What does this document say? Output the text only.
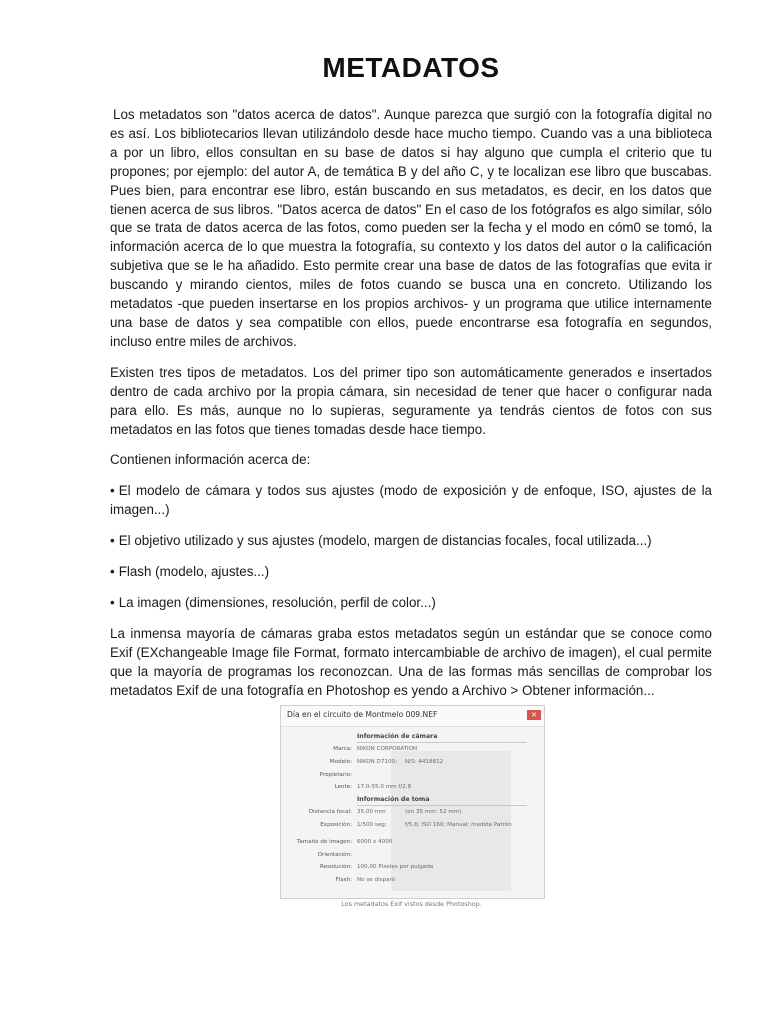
METADATOS

Los metadatos son "datos acerca de datos". Aunque parezca que surgió con la fotografía digital no es así. Los bibliotecarios llevan utilizándolo desde hace mucho tiempo. Cuando vas a una biblioteca a por un libro, ellos consultan en su base de datos si hay alguno que cumpla el criterio que tu propones; por ejemplo: del autor A, de temática B y del año C, y te localizan ese libro que buscabas. Pues bien, para encontrar ese libro, están buscando en sus metadatos, es decir, en los datos que tienen acerca de sus libros. "Datos acerca de datos" En el caso de los fotógrafos es algo similar, sólo que se trata de datos acerca de las fotos, como pueden ser la fecha y el modo en cóm0 se tomó, la información acerca de lo que muestra la fotografía, su contexto y los datos del autor o la calificación subjetiva que se le ha añadido. Esto permite crear una base de datos de las fotografías que evita ir buscando y mirando cientos, miles de fotos cuando se busca una en concreto. Utilizando los metadatos -que pueden insertarse en los propios archivos- y un programa que utilice internamente una base de datos y sea compatible con ellos, puede encontrarse esa fotografía en segundos, incluso entre miles de archivos.

Existen tres tipos de metadatos. Los del primer tipo son automáticamente generados e insertados dentro de cada archivo por la propia cámara, sin necesidad de tener que hacer o configurar nada para ello. Es más, aunque no lo supieras, seguramente ya tendrás cientos de fotos con sus metadatos en las fotos que tienes tomadas desde hace tiempo.

Contienen información acerca de:

• El modelo de cámara y todos sus ajustes (modo de exposición y de enfoque, ISO, ajustes de la imagen...)

• El objetivo utilizado y sus ajustes (modelo, margen de distancias focales, focal utilizada...)

• Flash (modelo, ajustes...)

• La imagen (dimensiones, resolución, perfil de color...)

La inmensa mayoría de cámaras graba estos metadatos según un estándar que se conoce como Exif (EXchangeable Image file Format, formato intercambiable de archivo de imagen), el cual permite que la mayoría de programas los reconozcan. Una de las formas más sencillas de comprobar los metadatos Exif de una fotografía en Photoshop es yendo a Archivo > Obtener información...

Día en el circuito de Montmelo 009.NEF	×
Información de cámara
Marca: NIKON CORPORATION
Modelo: NIKON D7100; N/S: 4418812
Propietario:
Lente: 17.0-55.0 mm f/2.8
Información de toma
Distancia focal: 35,00 mm	(en 35 mm: 52 mm)
Exposición: 1/500 seg;	f/5,6; ISO 160; Manual; medida Patrón
Tamaño de imagen: 6000 x 4000
Orientación:
Resolución: 100,00 Píxeles por pulgada
Flash: No se disparó
Los metadatos Exif vistos desde Photoshop.
